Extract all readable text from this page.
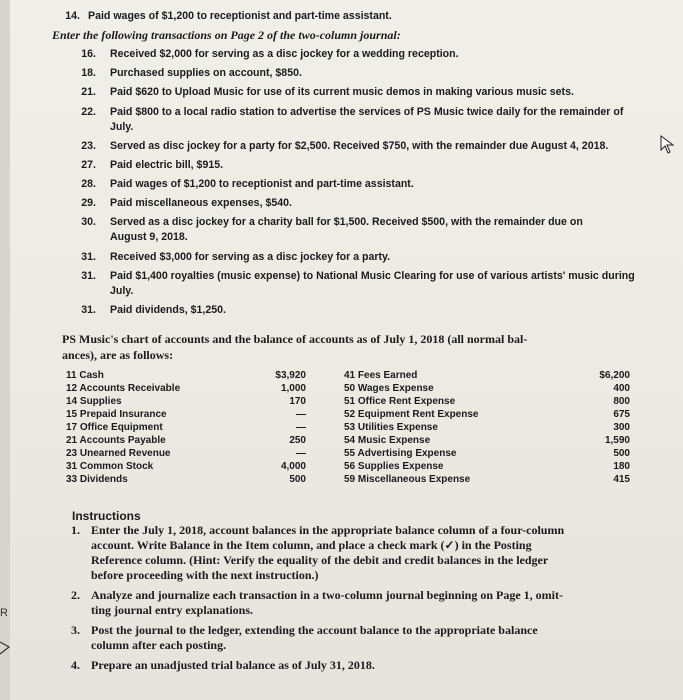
R
14. Paid wages of $1,200 to receptionist and part-time assistant.
Enter the following transactions on Page 2 of the two-column journal:
16. Received $2,000 for serving as a disc jockey for a wedding reception.
18. Purchased supplies on account, $850.
21. Paid $620 to Upload Music for use of its current music demos in making various music sets.
22. Paid $800 to a local radio station to advertise the services of PS Music twice daily for the remainder of
July.
23. Served as disc jockey for a party for $2,500. Received $750, with the remainder due August 4, 2018.
27. Paid electric bill, $915.
28. Paid wages of $1,200 to receptionist and part-time assistant.
29. Paid miscellaneous expenses, $540.
30. Served as a disc jockey for a charity ball for $1,500. Received $500, with the remainder due on
August 9, 2018.
31. Received $3,000 for serving as a disc jockey for a party.
31. Paid $1,400 royalties (music expense) to National Music Clearing for use of various artists' music during
July.
31. Paid dividends, $1,250.
PS Music's chart of accounts and the balance of accounts as of July 1, 2018 (all normal bal-
ances), are as follows:
11 Cash	$3,920
12 Accounts Receivable	1,000
14 Supplies	170
15 Prepaid Insurance	—
17 Office Equipment	—
21 Accounts Payable	250
23 Unearned Revenue	—
31 Common Stock	4,000
33 Dividends	500
41 Fees Earned	$6,200
50 Wages Expense	400
51 Office Rent Expense	800
52 Equipment Rent Expense	675
53 Utilities Expense	300
54 Music Expense	1,590
55 Advertising Expense	500
56 Supplies Expense	180
59 Miscellaneous Expense	415
Instructions
1. Enter the July 1, 2018, account balances in the appropriate balance column of a four-column
account. Write Balance in the Item column, and place a check mark (✓) in the Posting
Reference column. (Hint: Verify the equality of the debit and credit balances in the ledger
before proceeding with the next instruction.)
2. Analyze and journalize each transaction in a two-column journal beginning on Page 1, omit-
ting journal entry explanations.
3. Post the journal to the ledger, extending the account balance to the appropriate balance
column after each posting.
4. Prepare an unadjusted trial balance as of July 31, 2018.
